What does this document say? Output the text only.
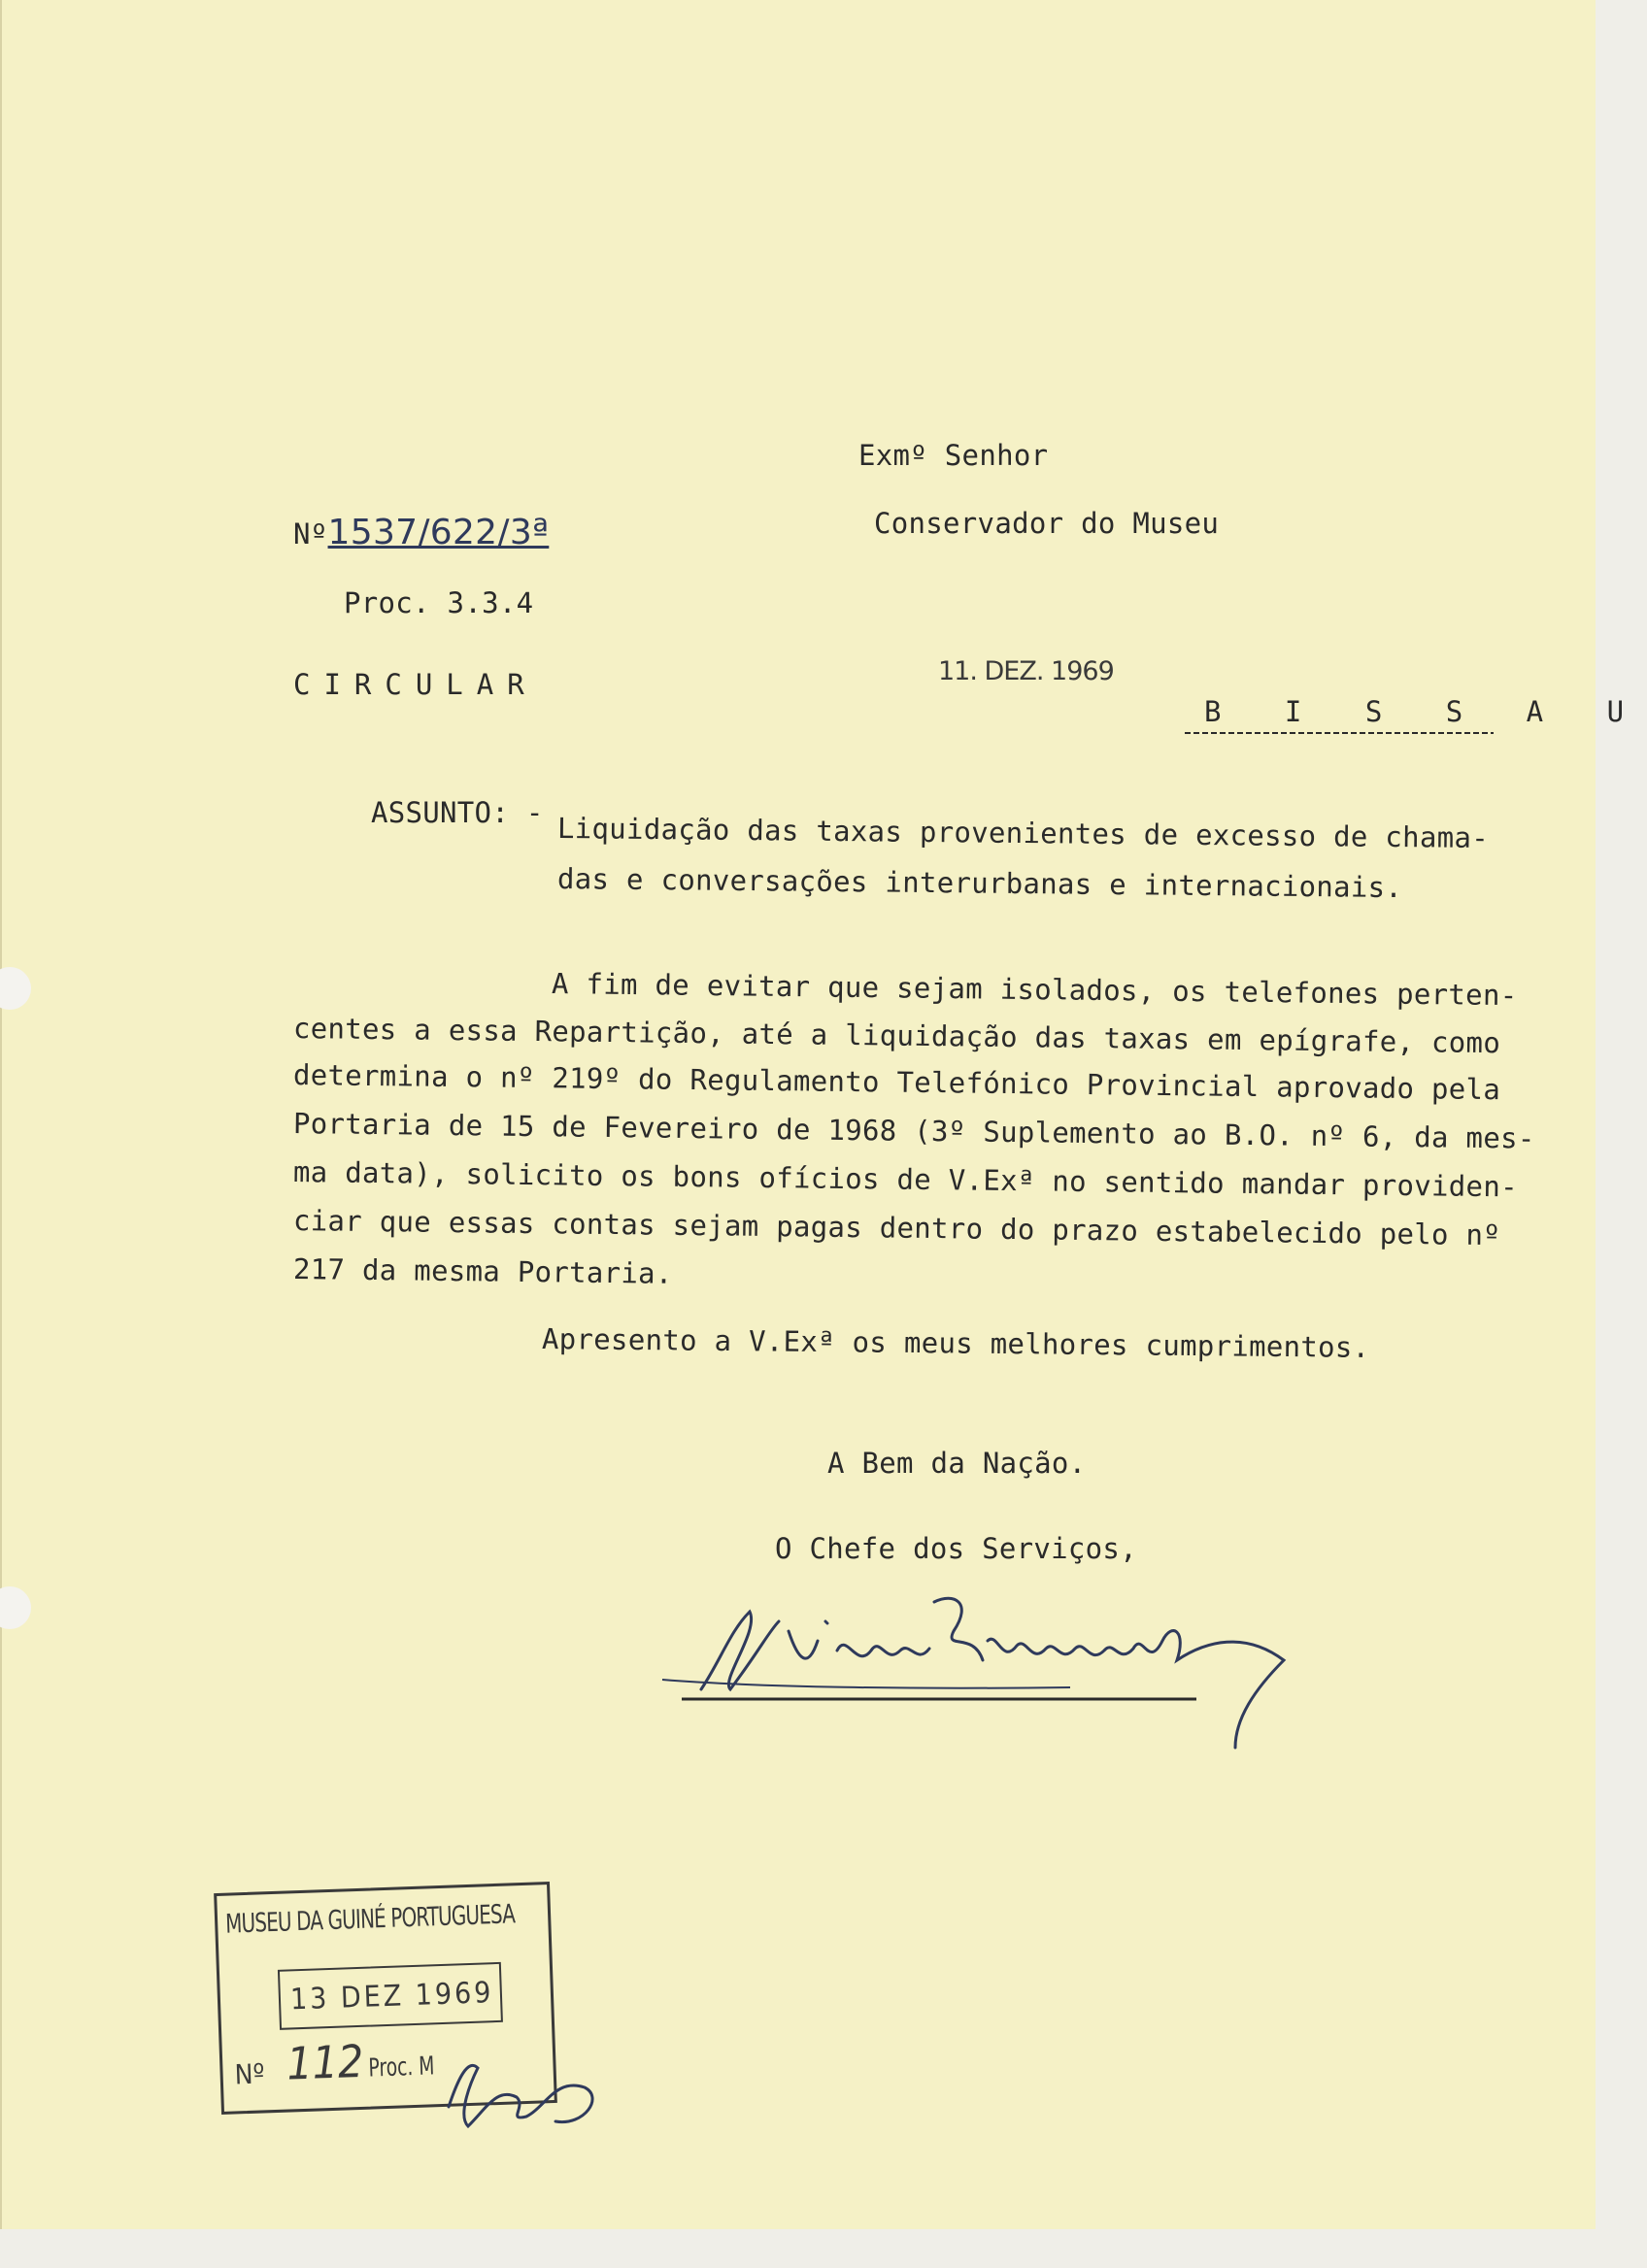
Exmº Senhor
Conservador do Museu
Nº1537/622/3ª
Proc. 3.3.4
CIRCULAR	11. DEZ. 1969
B I S S A U
ASSUNTO: - Liquidação das taxas provenientes de excesso de chama-
das e conversações interurbanas e internacionais.
A fim de evitar que sejam isolados, os telefones perten-
centes a essa Repartição, até a liquidação das taxas em epígrafe, como
determina o nº 219º do Regulamento Telefónico Provincial aprovado pela
Portaria de 15 de Fevereiro de 1968 (3º Suplemento ao B.O. nº 6, da mes-
ma data), solicito os bons ofícios de V.Exª no sentido mandar providen-
ciar que essas contas sejam pagas dentro do prazo estabelecido pelo nº
217 da mesma Portaria.
Apresento a V.Exª os meus melhores cumprimentos.
A Bem da Nação.
O Chefe dos Serviços,
MUSEU DA GUINÉ PORTUGUESA
13 DEZ 1969
Nº 112 Proc. M
